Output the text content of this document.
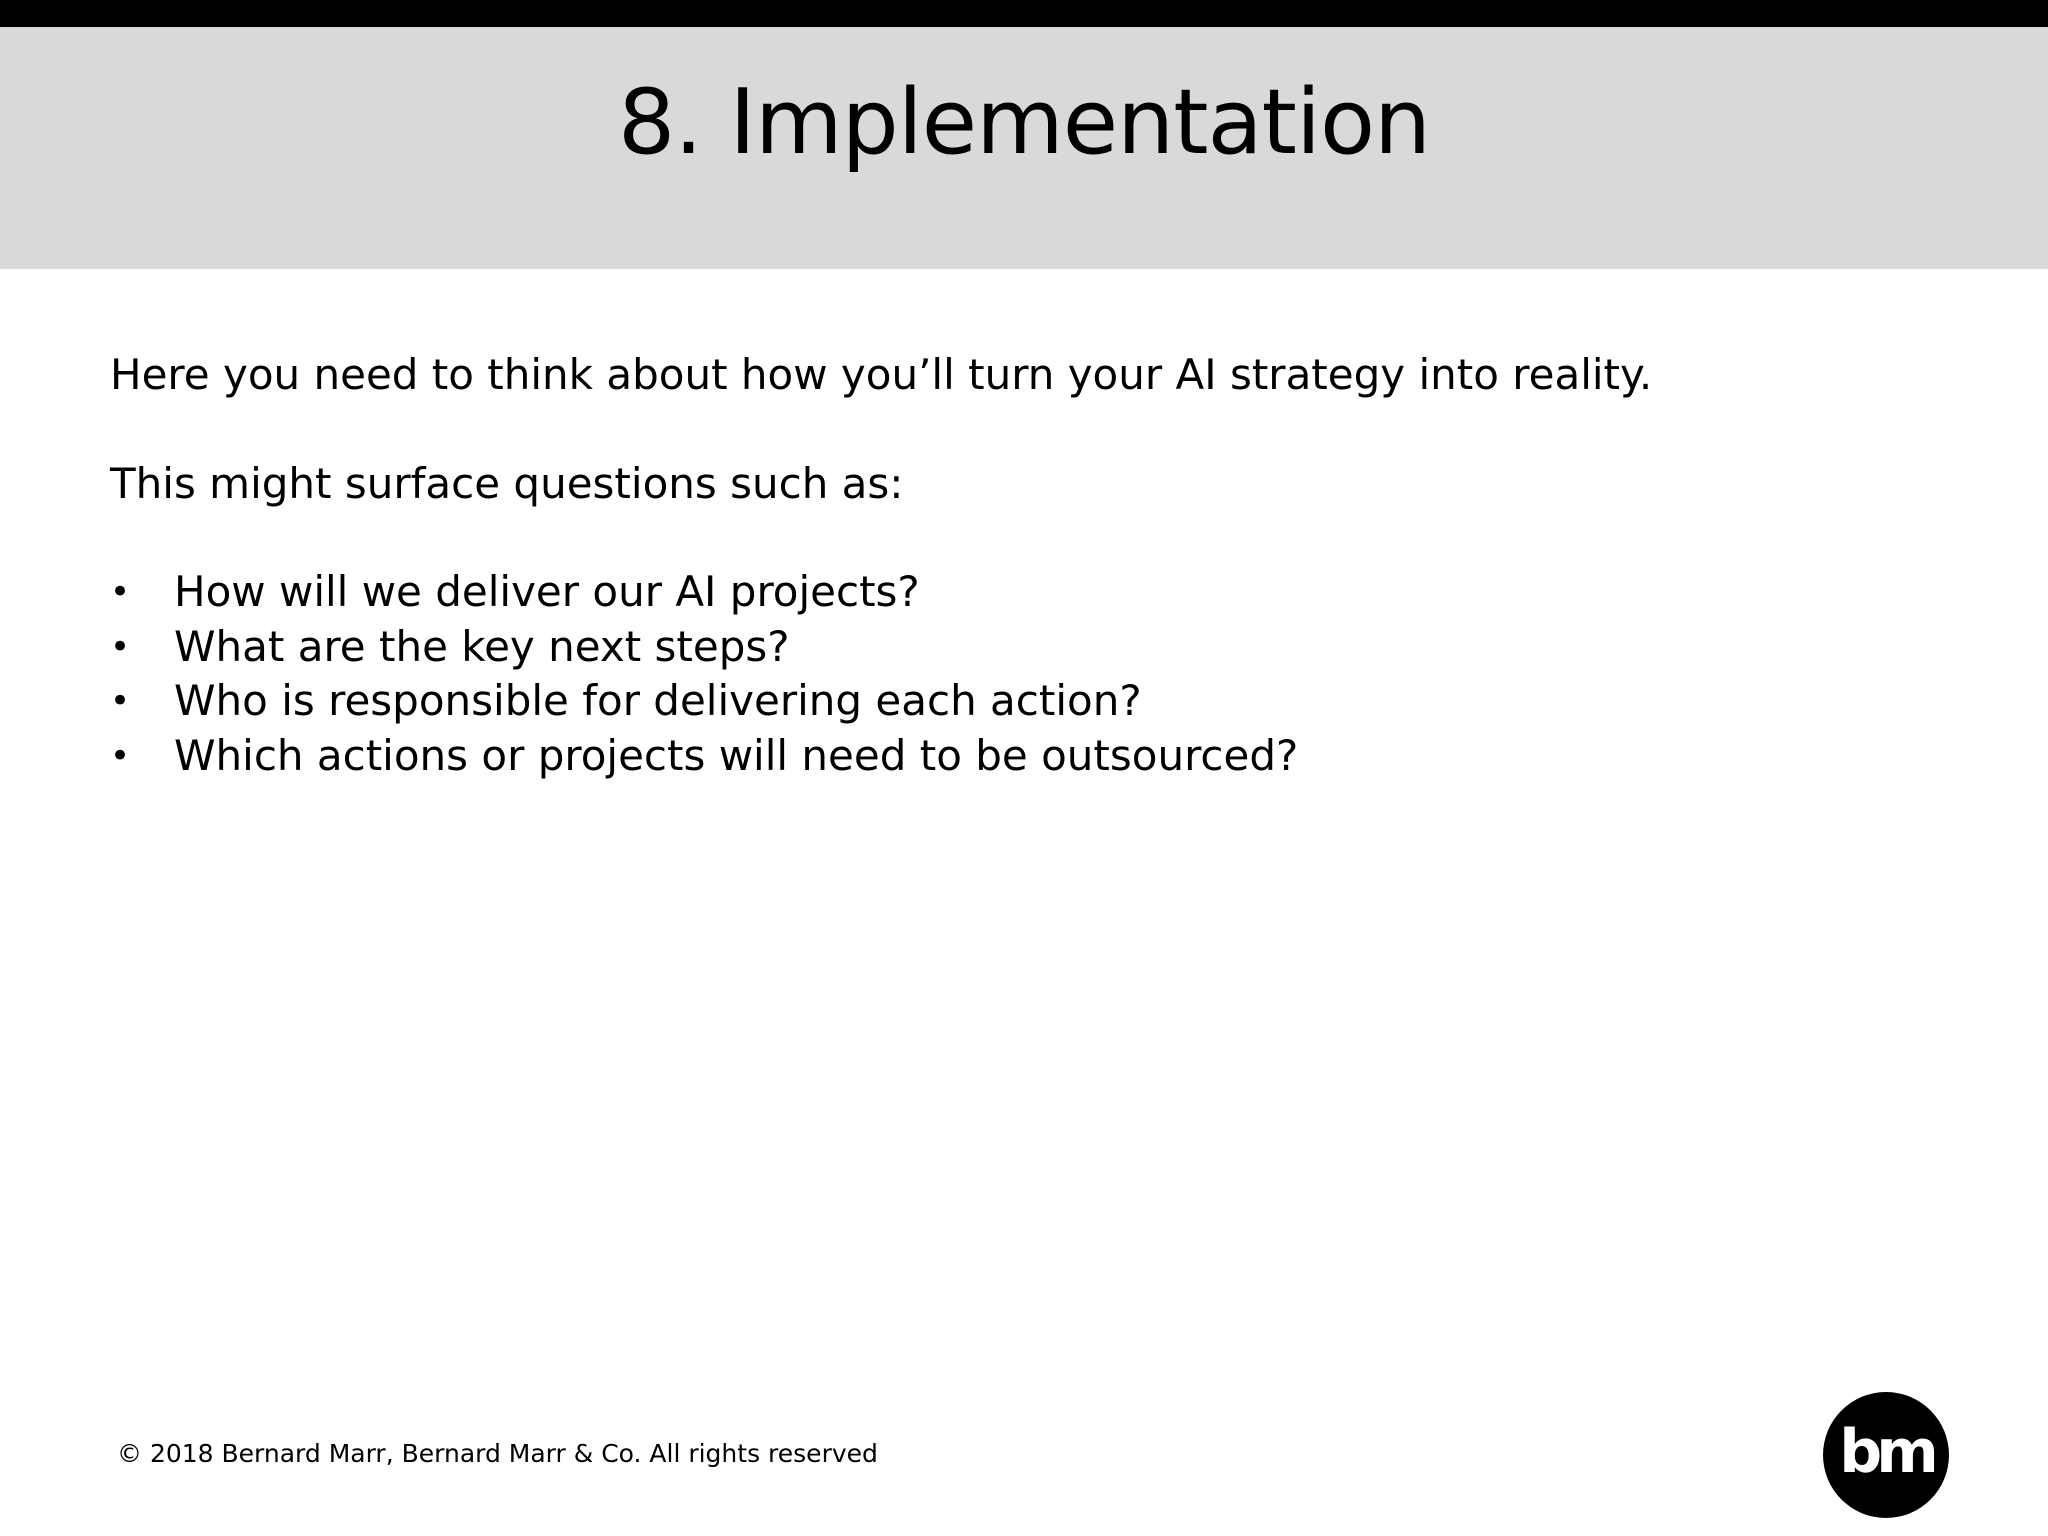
8. Implementation

Here you need to think about how you’ll turn your AI strategy into reality.

This might surface questions such as:

• How will we deliver our AI projects?
• What are the key next steps?
• Who is responsible for delivering each action?
• Which actions or projects will need to be outsourced?

© 2018 Bernard Marr, Bernard Marr & Co. All rights reserved	bm
